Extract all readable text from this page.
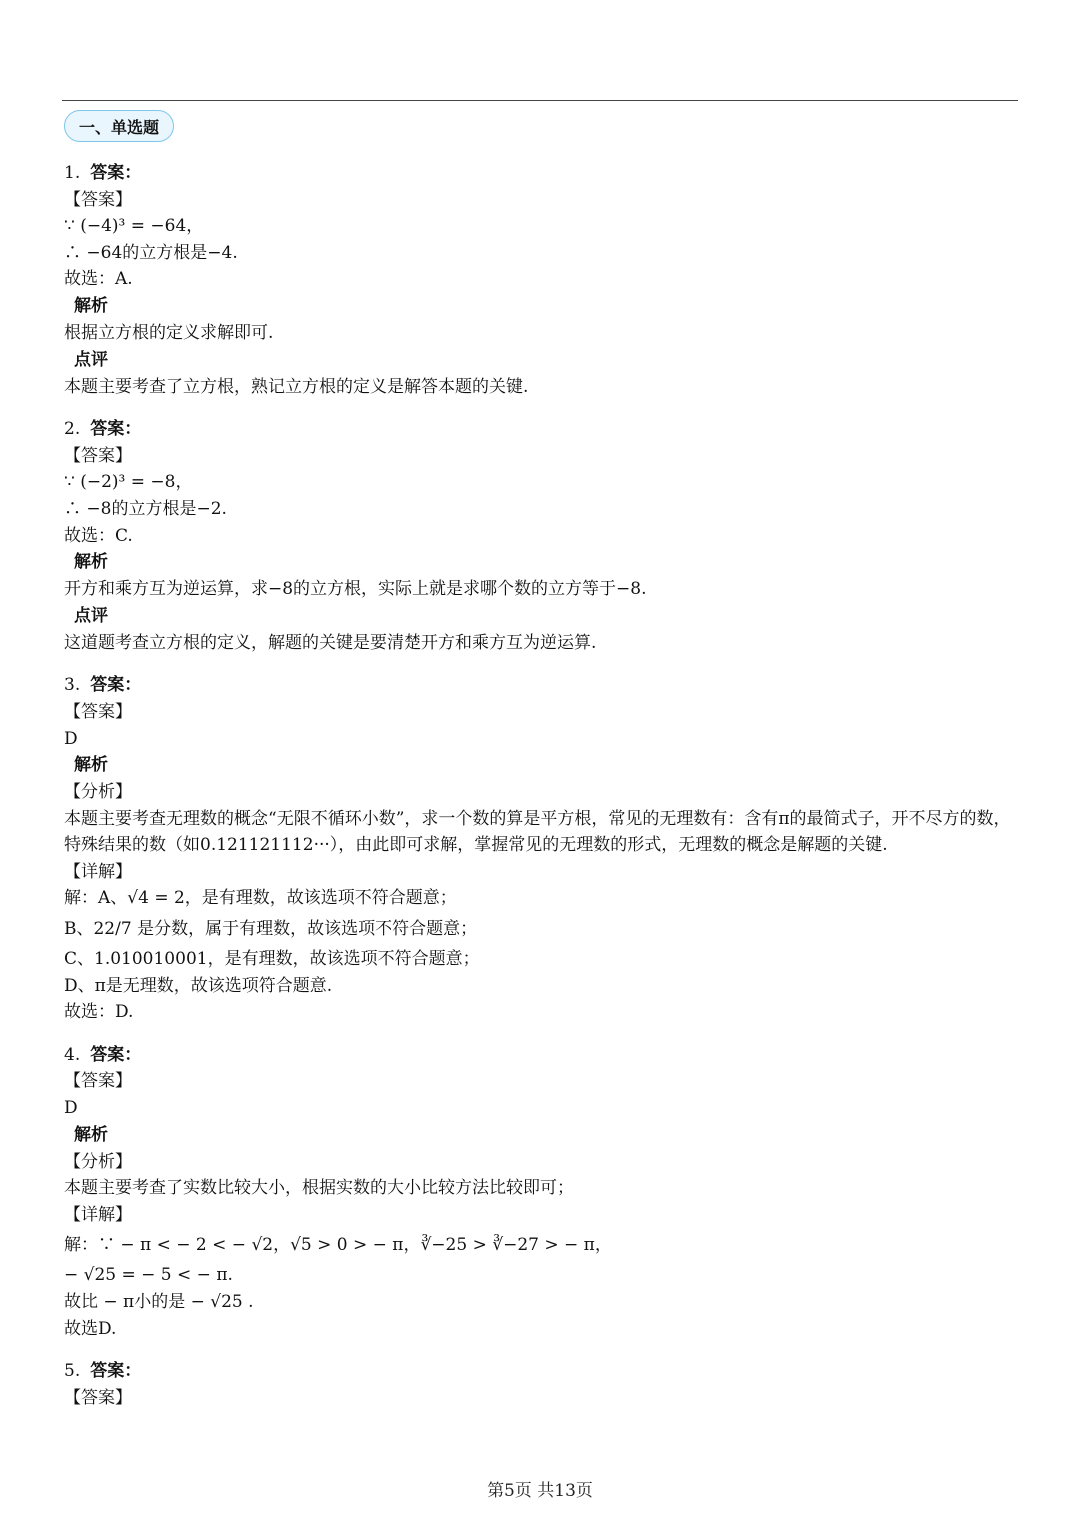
一、单选题
1. 答案：
【答案】
∵ (−4)³ = −64，
∴ −64的立方根是−4.
故选：A.
解析
根据立方根的定义求解即可.
点评
本题主要考查了立方根，熟记立方根的定义是解答本题的关键.
2. 答案：
【答案】
∵ (−2)³ = −8，
∴ −8的立方根是−2.
故选：C.
解析
开方和乘方互为逆运算，求−8的立方根，实际上就是求哪个数的立方等于−8.
点评
这道题考查立方根的定义，解题的关键是要清楚开方和乘方互为逆运算.
3. 答案：
【答案】
D
解析
【分析】
本题主要考查无理数的概念“无限不循环小数”，求一个数的算是平方根，常见的无理数有：含有π的最简式子，开不尽方的数，特殊结果的数（如0.121121112···），由此即可求解，掌握常见的无理数的形式，无理数的概念是解题的关键.
【详解】
解：A、√4 = 2，是有理数，故该选项不符合题意；
B、22/7 是分数，属于有理数，故该选项不符合题意；
C、1.010010001，是有理数，故该选项不符合题意；
D、π是无理数，故该选项符合题意.
故选：D.
4. 答案：
【答案】
D
解析
【分析】
本题主要考查了实数比较大小，根据实数的大小比较方法比较即可；
【详解】
解：∵ − π < − 2 < − √2，√5 > 0 > − π，∛−25 > ∛−27 > − π，
− √25 = − 5 < − π.
故比 − π小的是 − √25 .
故选D.
5. 答案：
【答案】
第5页 共13页
